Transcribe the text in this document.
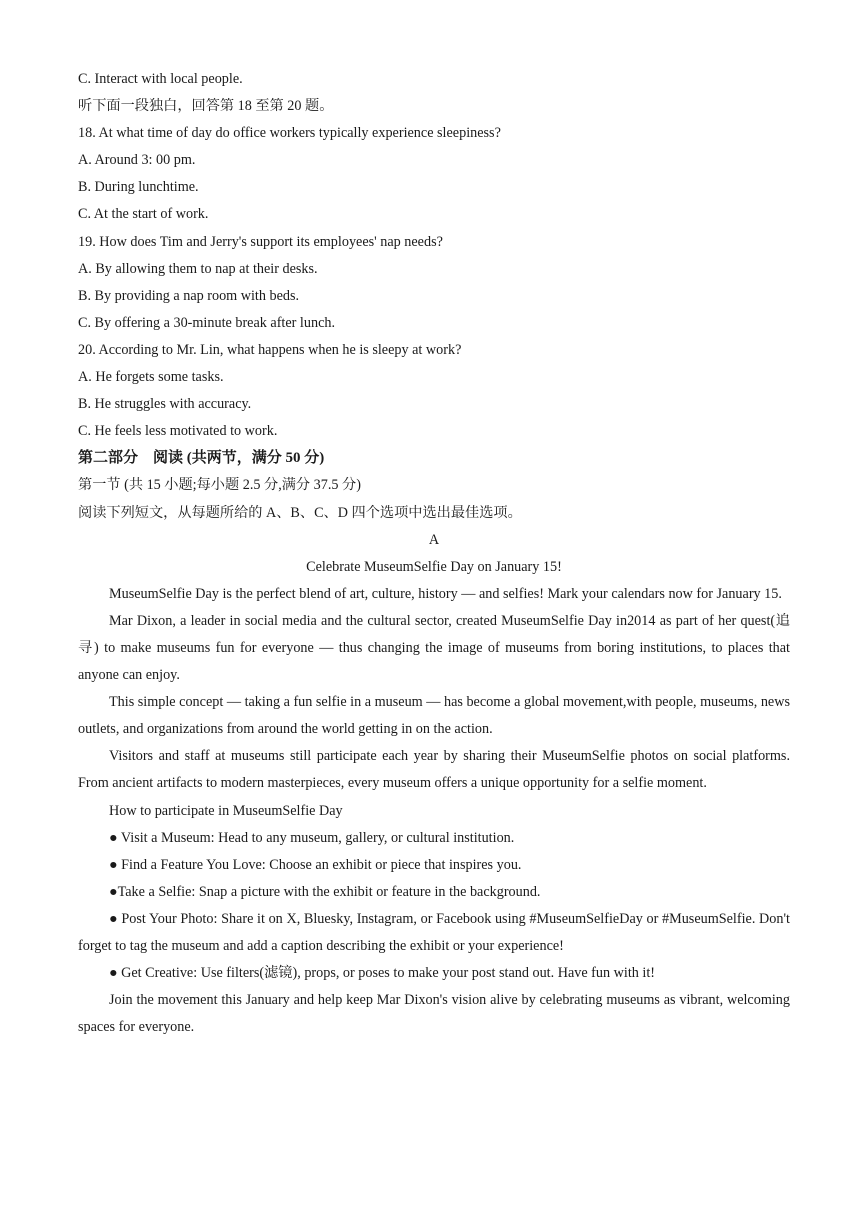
C. Interact with local people.
听下面一段独白，回答第 18 至第 20 题。
18. At what time of day do office workers typically experience sleepiness?
A. Around 3: 00 pm.
B. During lunchtime.
C. At the start of work.
19. How does Tim and Jerry's support its employees' nap needs?
A. By allowing them to nap at their desks.
B. By providing a nap room with beds.
C. By offering a 30-minute break after lunch.
20. According to Mr. Lin, what happens when he is sleepy at work?
A. He forgets some tasks.
B. He struggles with accuracy.
C. He feels less motivated to work.
第二部分　阅读 (共两节，满分 50 分)
第一节 (共 15 小题;每小题 2.5 分,满分 37.5 分)
阅读下列短文，从每题所给的 A、B、C、D 四个选项中选出最佳选项。
A
Celebrate MuseumSelfie Day on January 15!

MuseumSelfie Day is the perfect blend of art, culture, history — and selfies! Mark your calendars now for January 15.

Mar Dixon, a leader in social media and the cultural sector, created MuseumSelfie Day in2014 as part of her quest(追寻) to make museums fun for everyone — thus changing the image of museums from boring institutions, to places that anyone can enjoy.

This simple concept — taking a fun selfie in a museum — has become a global movement,with people, museums, news outlets, and organizations from around the world getting in on the action.

Visitors and staff at museums still participate each year by sharing their MuseumSelfie photos on social platforms. From ancient artifacts to modern masterpieces, every museum offers a unique opportunity for a selfie moment.

How to participate in MuseumSelfie Day

● Visit a Museum: Head to any museum, gallery, or cultural institution.

● Find a Feature You Love: Choose an exhibit or piece that inspires you.

●Take a Selfie: Snap a picture with the exhibit or feature in the background.

● Post Your Photo: Share it on X, Bluesky, Instagram, or Facebook using #MuseumSelfieDay or #MuseumSelfie. Don't forget to tag the museum and add a caption describing the exhibit or your experience!

● Get Creative: Use filters(滤镜), props, or poses to make your post stand out. Have fun with it!

Join the movement this January and help keep Mar Dixon's vision alive by celebrating museums as vibrant, welcoming spaces for everyone.
